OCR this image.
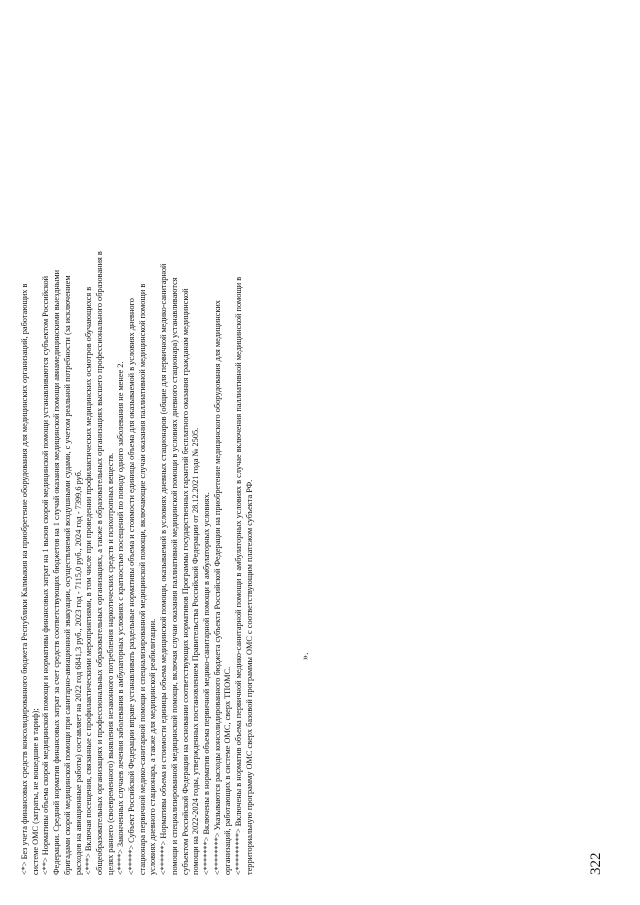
<*> Без учета финансовых средств консолидированного бюджета Республики Калмыкия на приобретение оборудования для медицинских организаций, работающих в системе ОМС (затраты, не вошедшие в тариф); <**> Нормативы объема скорой медицинской помощи и нормативы финансовых затрат на 1 вызов скорой медицинской помощи устанавливаются субъектом Российской Федерации. Средний норматив финансовых затрат за счет средств соответствующих бюджетов на 1 случай оказания медицинской помощи авиамедицинскими выездными бригадами скорой медицинской помощи при санитарно-авиационной эвакуации, осуществляемой воздушными судами, с учетом реальной потребности (за исключением расходов на авиационные работы) составляет на 2022 год 6841,3 руб., 2023 год - 7115,0 руб., 2024 год - 7399,6 руб. <***> Включая посещения, связанные с профилактическими мероприятиями, в том числе при проведении профилактических медицинских осмотров обучающихся в общеобразовательных организациях и профессиональных образовательных организациях, а также в образовательных организациях высшего профессионального образования в целях раннего (своевременного) выявления незаконного потребления наркотических средств и психотропных веществ. <****> Законченных случаев лечения заболевания в амбулаторных условиях с кратностью посещений по поводу одного заболевания не менее 2. <*****> Субъект Российской Федерации вправе устанавливать раздельные нормативы объема и стоимости единицы объема для оказываемой в условиях дневного стационара первичной медико-санитарной помощи и специализированной медицинской помощи, включающие случаи оказания паллиативной медицинской помощи в условиях дневного стационара, а также для медицинской реабилитации. <******> Нормативы объема и стоимости единицы объема медицинской помощи, оказываемой в условиях дневных стационаров (общие для первичной медико-санитарной помощи и специализированной медицинской помощи, включая случаи оказания паллиативной медицинской помощи в условиях дневного стационара) устанавливаются субъектом Российской Федерации на основании соответствующих нормативов Программы государственных гарантий бесплатного оказания гражданам медицинской помощи на 2022-2024 годы, утвержденных постановлением Правительства Российской Федерации от 28.12.2021 года № 2505. <*******> Включены в норматив объема первичной медико-санитарной помощи в амбулаторных условиях. <********> Указываются расходы консолидированного бюджета субъекта Российской Федерации на приобретение медицинского оборудования для медицинских организаций, работающих в системе ОМС, сверх ТПОМС. <*********> Включены в норматив объема первичной медико-санитарной помощи в амбулаторных условиях в случае включения паллиативной медицинской помощи в территориальную программу ОМС сверх базовой программы ОМС с соответствующим платежом субъекта РФ.	».
322
